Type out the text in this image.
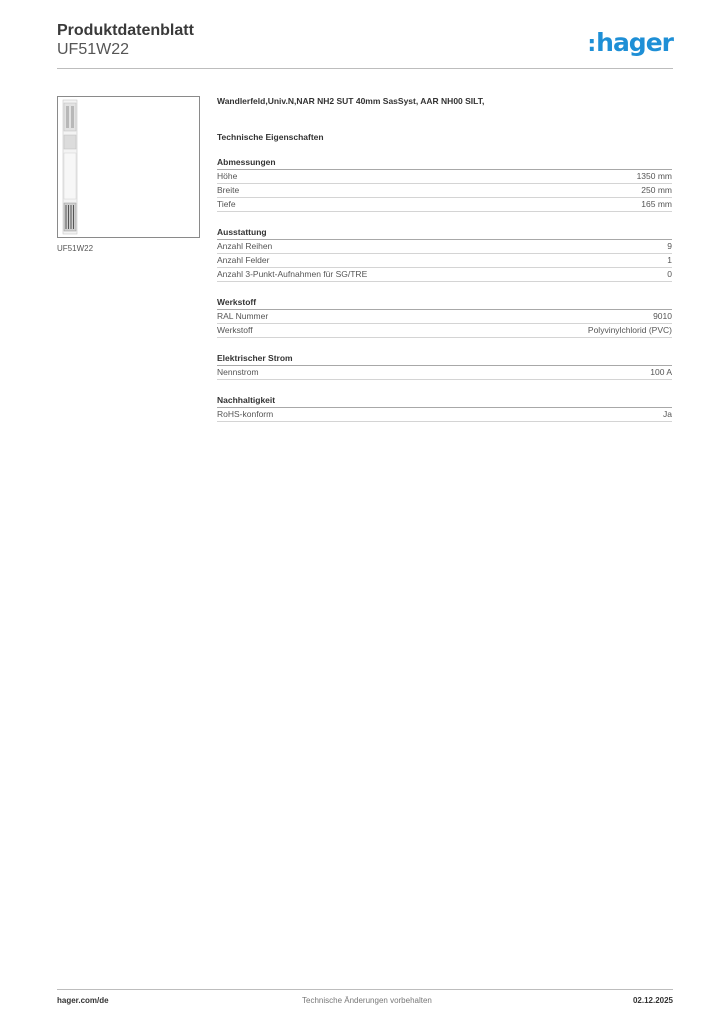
Produktdatenblatt
UF51W22	:hager
UF51W22
Wandlerfeld,Univ.N,NAR NH2 SUT 40mm SasSyst, AAR NH00 SILT,
Technische Eigenschaften
Abmessungen
Höhe	1350 mm
Breite	250 mm
Tiefe	165 mm
Ausstattung
Anzahl Reihen	9
Anzahl Felder	1
Anzahl 3-Punkt-Aufnahmen für SG/TRE	0
Werkstoff
RAL Nummer	9010
Werkstoff	Polyvinylchlorid (PVC)
Elektrischer Strom
Nennstrom	100 A
Nachhaltigkeit
RoHS-konform	Ja
hager.com/de	Technische Änderungen vorbehalten	02.12.2025
